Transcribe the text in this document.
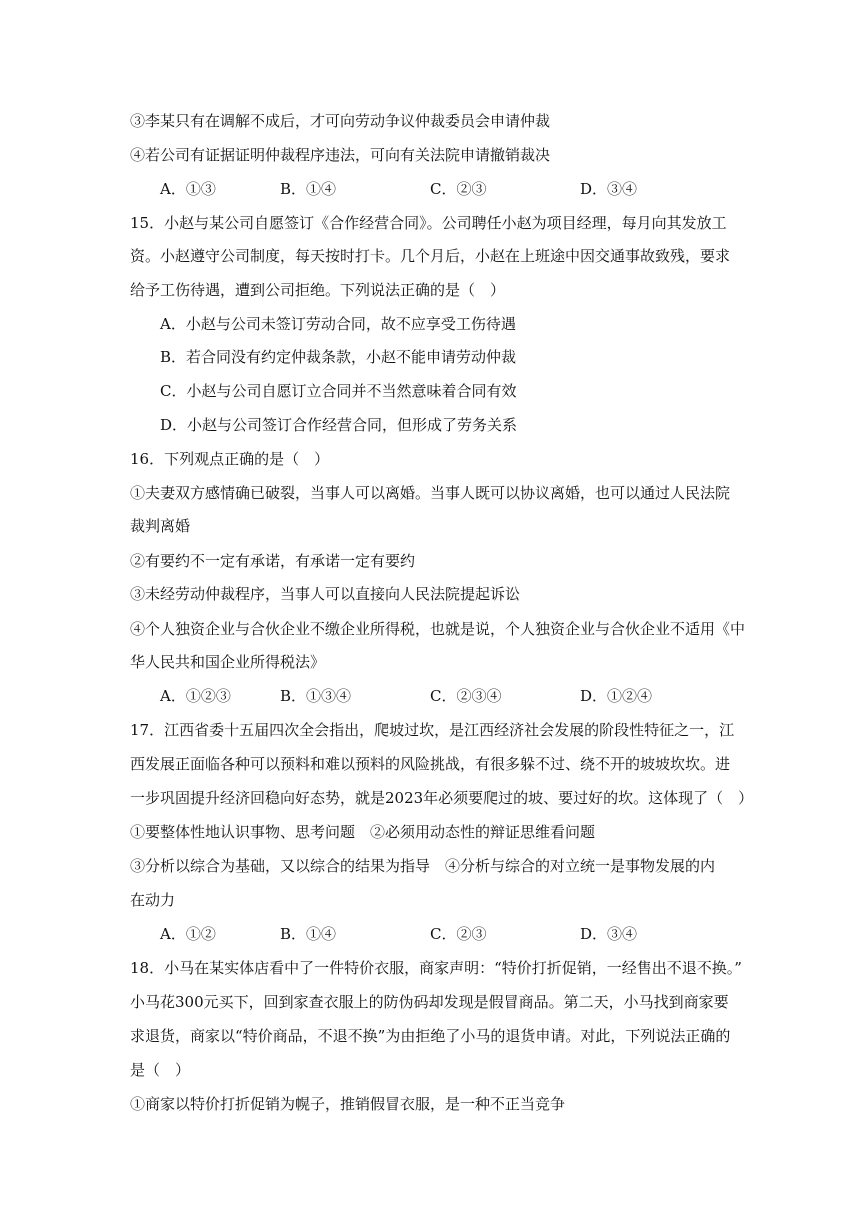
③李某只有在调解不成后，才可向劳动争议仲裁委员会申请仲裁
④若公司有证据证明仲裁程序违法，可向有关法院申请撤销裁决
A．①③	B．①④	C．②③	D．③④
15．小赵与某公司自愿签订《合作经营合同》。公司聘任小赵为项目经理，每月向其发放工
资。小赵遵守公司制度，每天按时打卡。几个月后，小赵在上班途中因交通事故致残，要求
给予工伤待遇，遭到公司拒绝。下列说法正确的是（　）
A．小赵与公司未签订劳动合同，故不应享受工伤待遇
B．若合同没有约定仲裁条款，小赵不能申请劳动仲裁
C．小赵与公司自愿订立合同并不当然意味着合同有效
D．小赵与公司签订合作经营合同，但形成了劳务关系
16．下列观点正确的是（　）
①夫妻双方感情确已破裂，当事人可以离婚。当事人既可以协议离婚，也可以通过人民法院
裁判离婚
②有要约不一定有承诺，有承诺一定有要约
③未经劳动仲裁程序，当事人可以直接向人民法院提起诉讼
④个人独资企业与合伙企业不缴企业所得税，也就是说，个人独资企业与合伙企业不适用《中
华人民共和国企业所得税法》
A．①②③	B．①③④	C．②③④	D．①②④
17．江西省委十五届四次全会指出，爬坡过坎，是江西经济社会发展的阶段性特征之一，江
西发展正面临各种可以预料和难以预料的风险挑战，有很多躲不过、绕不开的坡坡坎坎。进
一步巩固提升经济回稳向好态势，就是2023年必须要爬过的坡、要过好的坎。这体现了（　）
①要整体性地认识事物、思考问题　②必须用动态性的辩证思维看问题
③分析以综合为基础，又以综合的结果为指导　④分析与综合的对立统一是事物发展的内
在动力
A．①②	B．①④	C．②③	D．③④
18．小马在某实体店看中了一件特价衣服，商家声明：“特价打折促销，一经售出不退不换。”
小马花300元买下，回到家查衣服上的防伪码却发现是假冒商品。第二天，小马找到商家要
求退货，商家以“特价商品，不退不换”为由拒绝了小马的退货申请。对此，下列说法正确的
是（　）
①商家以特价打折促销为幌子，推销假冒衣服，是一种不正当竞争
